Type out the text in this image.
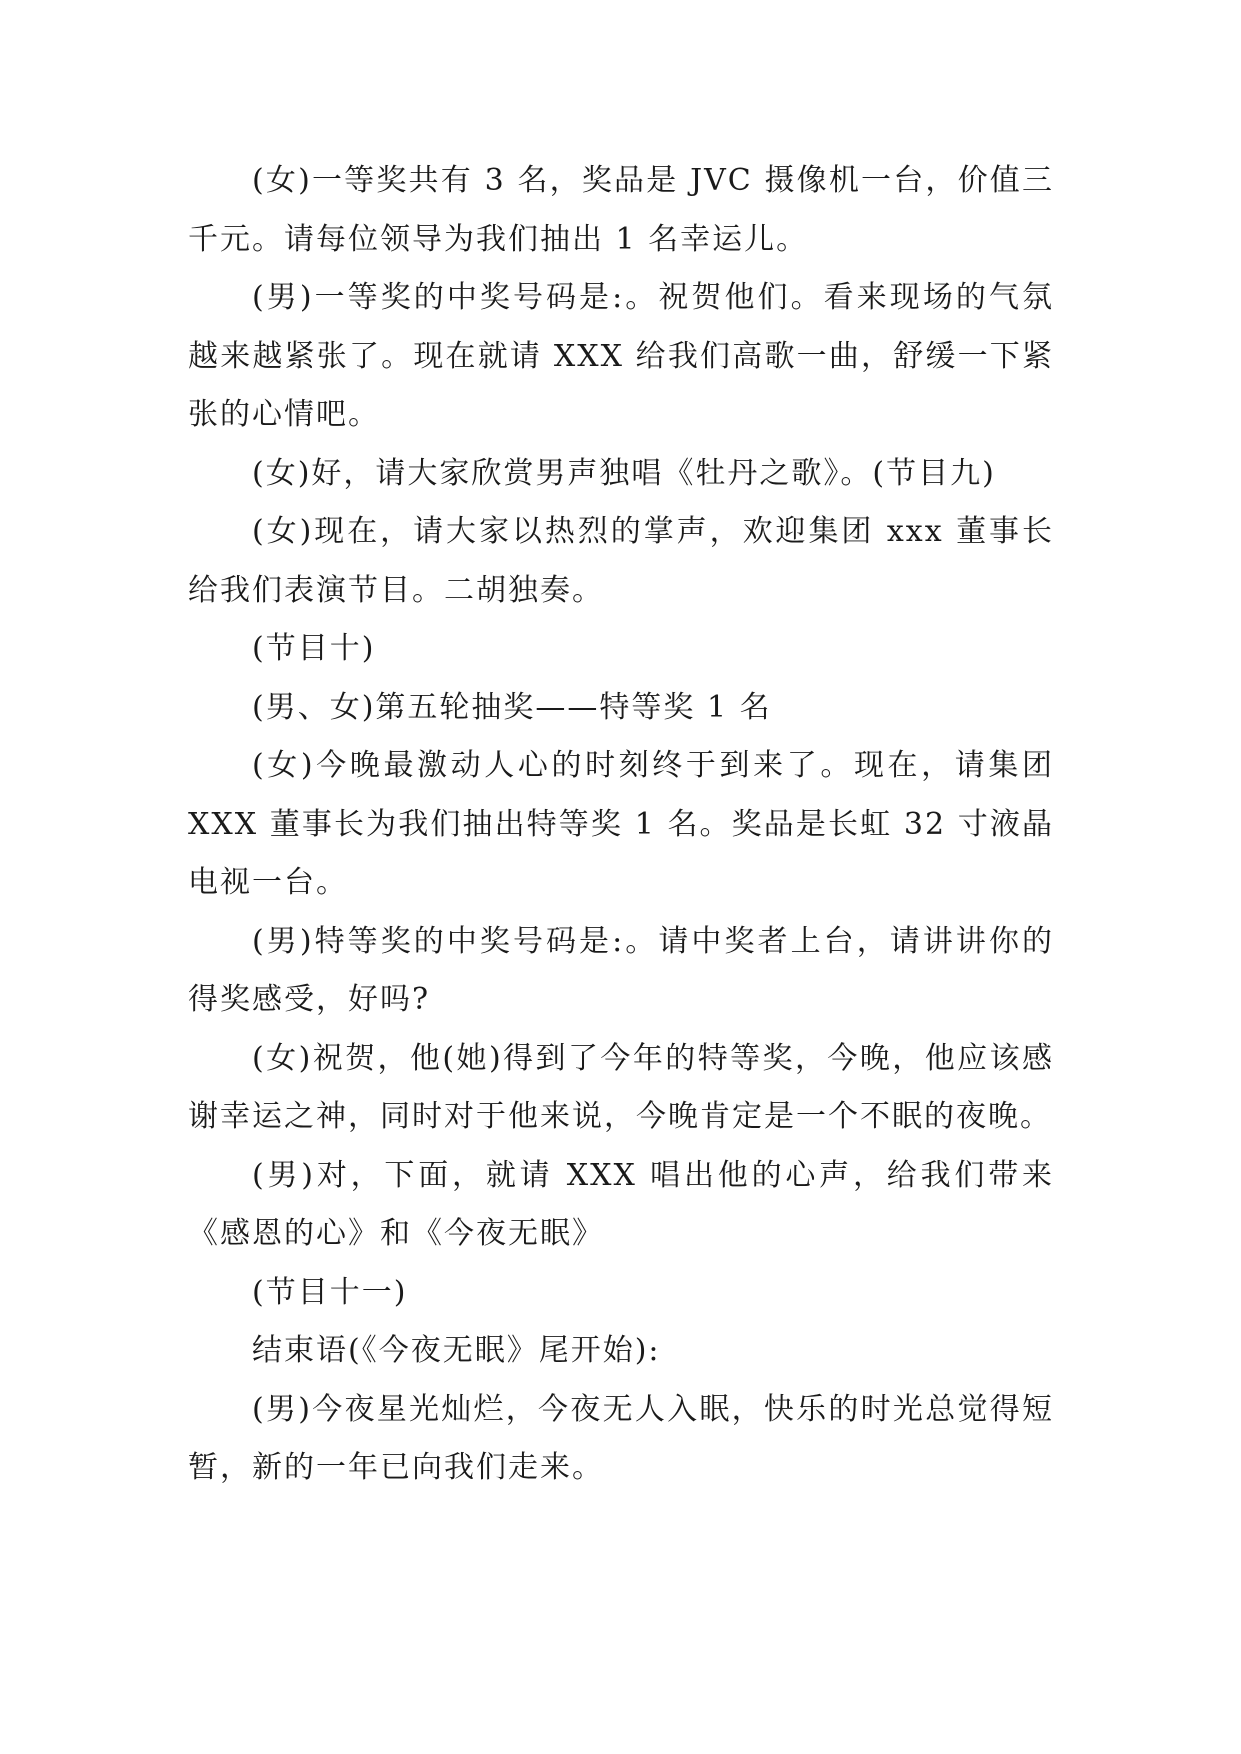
(女)一等奖共有 3 名，奖品是 JVC 摄像机一台，价值三千元。请每位领导为我们抽出 1 名幸运儿。

(男)一等奖的中奖号码是:。祝贺他们。看来现场的气氛越来越紧张了。现在就请 XXX 给我们高歌一曲，舒缓一下紧张的心情吧。

(女)好，请大家欣赏男声独唱《牡丹之歌》。(节目九)

(女)现在，请大家以热烈的掌声，欢迎集团 xxx 董事长给我们表演节目。二胡独奏。

(节目十)

(男、女)第五轮抽奖——特等奖 1 名

(女)今晚最激动人心的时刻终于到来了。现在，请集团 XXX 董事长为我们抽出特等奖 1 名。奖品是长虹 32 寸液晶电视一台。

(男)特等奖的中奖号码是:。请中奖者上台，请讲讲你的得奖感受，好吗?

(女)祝贺，他(她)得到了今年的特等奖，今晚，他应该感谢幸运之神，同时对于他来说，今晚肯定是一个不眠的夜晚。

(男)对，下面，就请 XXX 唱出他的心声，给我们带来《感恩的心》和《今夜无眠》

(节目十一)

结束语(《今夜无眠》尾开始):

(男)今夜星光灿烂，今夜无人入眠，快乐的时光总觉得短暂，新的一年已向我们走来。
